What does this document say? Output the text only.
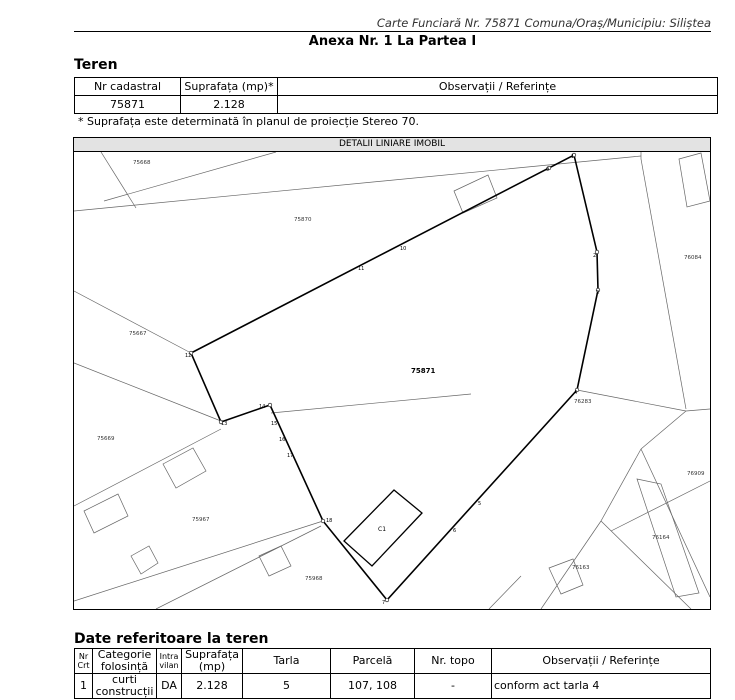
Carte Funciară Nr. 75871 Comuna/Oraș/Municipiu: Siliștea
Anexa Nr. 1 La Partea I
Teren
Nr cadastral	Suprafața (mp)*	Observații / Referințe
75871	2.128	
* Suprafața este determinată în planul de proiecție Stereo 70.
DETALII LINIARE IMOBIL
75668
75870
76084
75667
76283
75669
76909
75967
76164
76163
75968
75871
C1
1
9
10
11
12
2
3
4
5
6
7
18
17
16
15
14
13
Date referitoare la teren
Nr Crt	Categorie folosință	Intra vilan	Suprafața (mp)	Tarla	Parcelă	Nr. topo	Observații / Referințe
1	curti construcții	DA	2.128	5	107, 108	-	conform act tarla 4
